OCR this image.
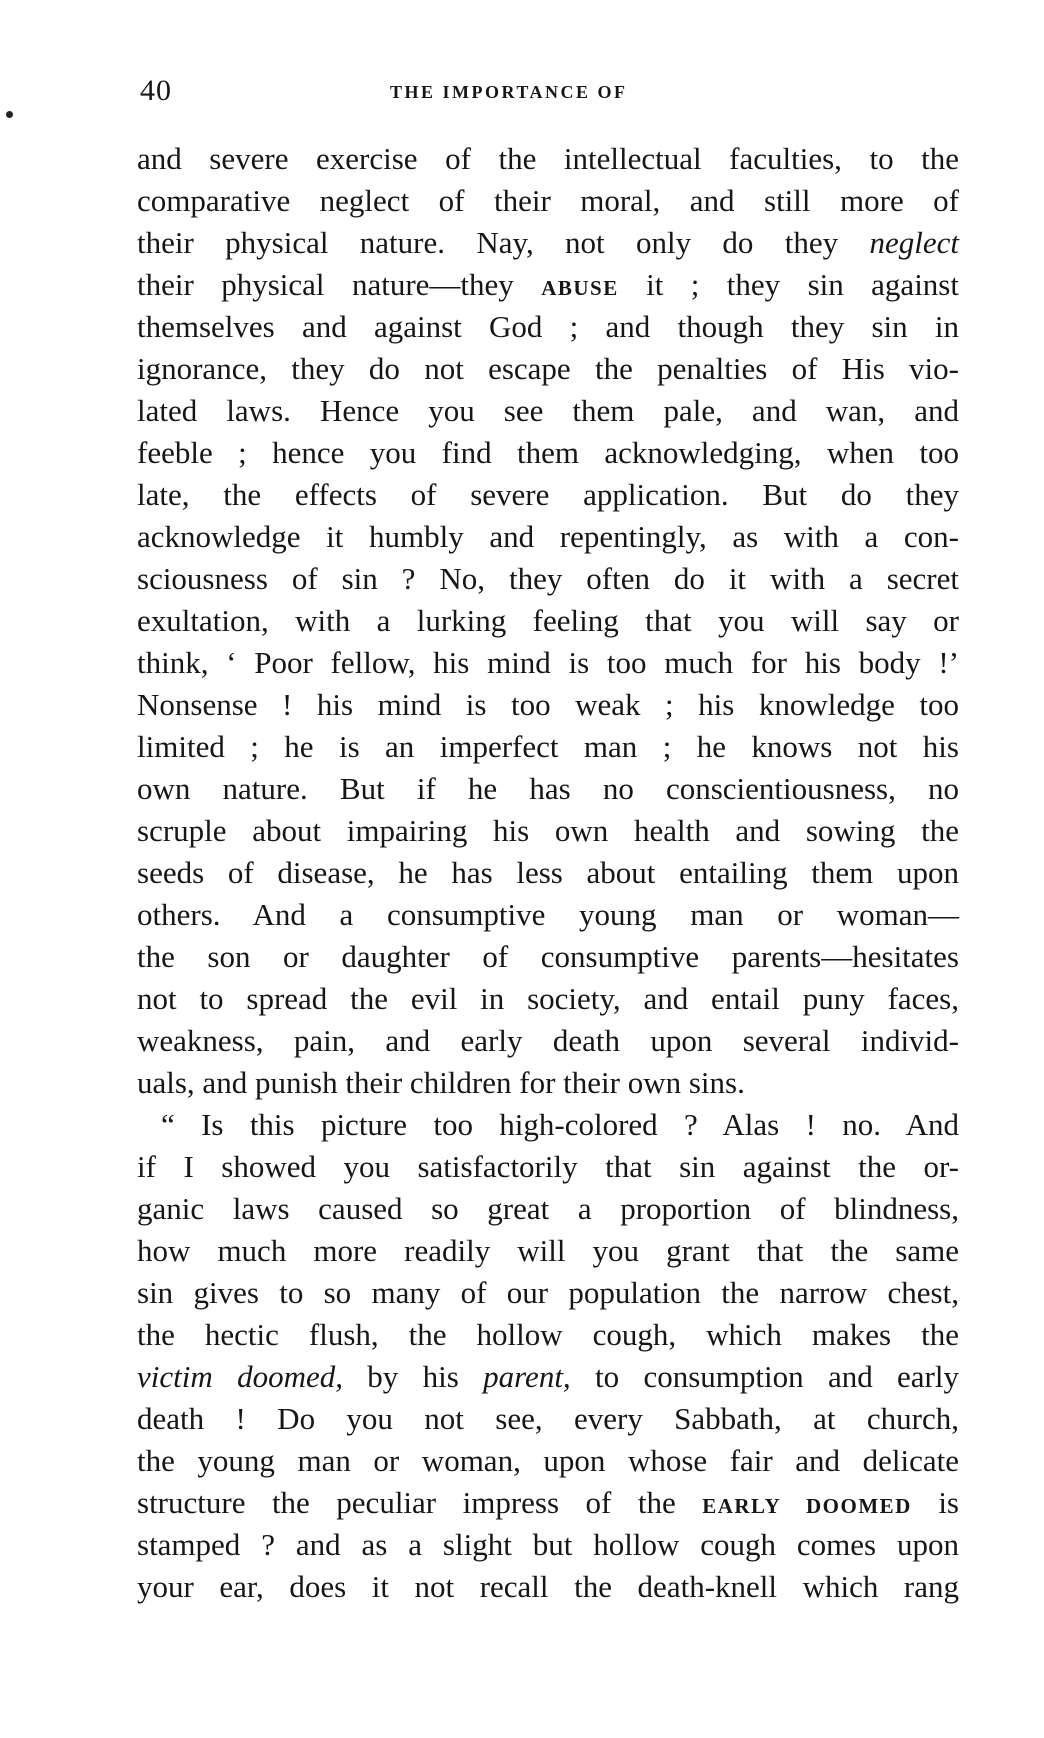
40	THE IMPORTANCE OF
and severe exercise of the intellectual faculties, to the
comparative neglect of their moral, and still more of
their physical nature. Nay, not only do they neglect
their physical nature—they ABUSE it ; they sin against
themselves and against God ; and though they sin in
ignorance, they do not escape the penalties of His vio-
lated laws. Hence you see them pale, and wan, and
feeble ; hence you find them acknowledging, when too
late, the effects of severe application. But do they
acknowledge it humbly and repentingly, as with a con-
sciousness of sin ? No, they often do it with a secret
exultation, with a lurking feeling that you will say or
think, ‘ Poor fellow, his mind is too much for his body !’
Nonsense ! his mind is too weak ; his knowledge too
limited ; he is an imperfect man ; he knows not his
own nature. But if he has no conscientiousness, no
scruple about impairing his own health and sowing the
seeds of disease, he has less about entailing them upon
others. And a consumptive young man or woman—
the son or daughter of consumptive parents—hesitates
not to spread the evil in society, and entail puny faces,
weakness, pain, and early death upon several individ-
uals, and punish their children for their own sins.
“ Is this picture too high-colored ? Alas ! no. And
if I showed you satisfactorily that sin against the or-
ganic laws caused so great a proportion of blindness,
how much more readily will you grant that the same
sin gives to so many of our population the narrow chest,
the hectic flush, the hollow cough, which makes the
victim doomed, by his parent, to consumption and early
death ! Do you not see, every Sabbath, at church,
the young man or woman, upon whose fair and delicate
structure the peculiar impress of the EARLY DOOMED is
stamped ? and as a slight but hollow cough comes upon
your ear, does it not recall the death-knell which rang
